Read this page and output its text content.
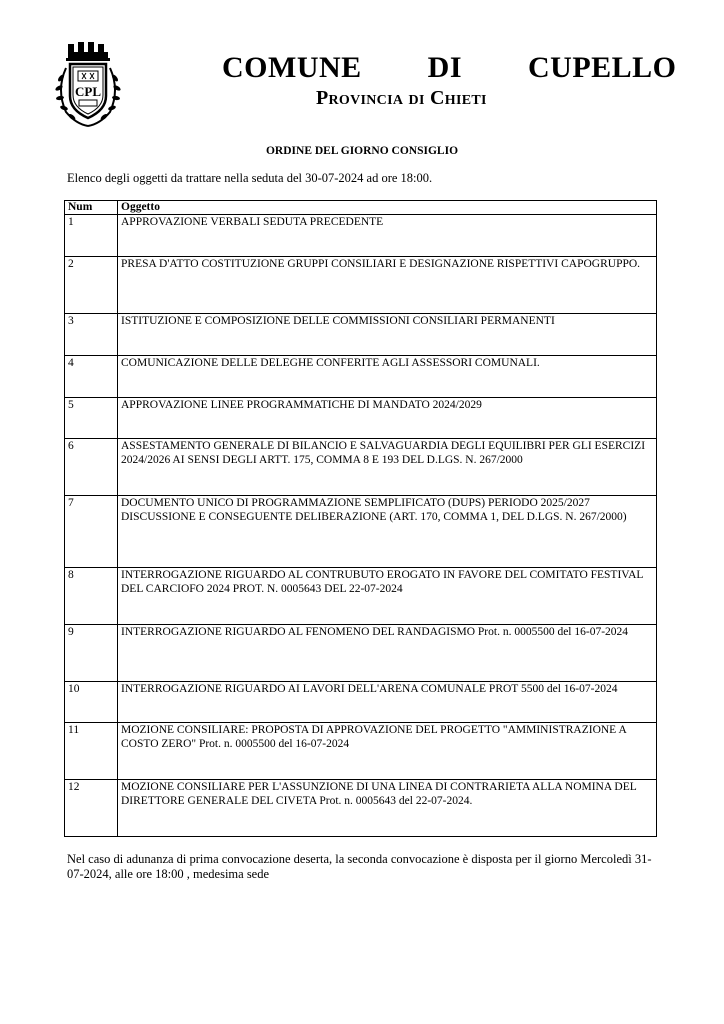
CPL
COMUNE   DI   CUPELLO
Provincia di Chieti
ORDINE DEL GIORNO CONSIGLIO
Elenco degli oggetti da trattare nella seduta del 30-07-2024 ad ore 18:00.
Num	Oggetto
1	APPROVAZIONE VERBALI SEDUTA PRECEDENTE
2	PRESA D'ATTO COSTITUZIONE GRUPPI CONSILIARI E DESIGNAZIONE RISPETTIVI CAPOGRUPPO.
3	ISTITUZIONE E COMPOSIZIONE DELLE COMMISSIONI CONSILIARI PERMANENTI
4	COMUNICAZIONE DELLE DELEGHE CONFERITE AGLI ASSESSORI COMUNALI.
5	APPROVAZIONE LINEE PROGRAMMATICHE DI MANDATO 2024/2029
6	ASSESTAMENTO GENERALE DI BILANCIO E SALVAGUARDIA DEGLI EQUILIBRI PER GLI ESERCIZI 2024/2026 AI SENSI DEGLI ARTT. 175, COMMA 8 E 193 DEL D.LGS. N. 267/2000
7	DOCUMENTO UNICO DI PROGRAMMAZIONE SEMPLIFICATO (DUPS) PERIODO 2025/2027 DISCUSSIONE E CONSEGUENTE DELIBERAZIONE (ART. 170, COMMA 1, DEL D.LGS. N. 267/2000)
8	INTERROGAZIONE RIGUARDO AL CONTRUBUTO EROGATO IN FAVORE DEL COMITATO FESTIVAL DEL CARCIOFO 2024 PROT. N. 0005643 DEL 22-07-2024
9	INTERROGAZIONE RIGUARDO AL FENOMENO DEL RANDAGISMO Prot. n. 0005500 del 16-07-2024
10	INTERROGAZIONE RIGUARDO AI LAVORI DELL'ARENA COMUNALE PROT 5500 del 16-07-2024
11	MOZIONE CONSILIARE: PROPOSTA DI APPROVAZIONE DEL PROGETTO "AMMINISTRAZIONE A COSTO ZERO" Prot. n. 0005500 del 16-07-2024
12	MOZIONE CONSILIARE PER L'ASSUNZIONE DI UNA LINEA DI CONTRARIETA ALLA NOMINA DEL DIRETTORE GENERALE DEL CIVETA Prot. n. 0005643 del 22-07-2024.
Nel caso di adunanza di prima convocazione deserta, la seconda convocazione è disposta per il giorno Mercoledì 31-07-2024, alle ore 18:00 , medesima sede
